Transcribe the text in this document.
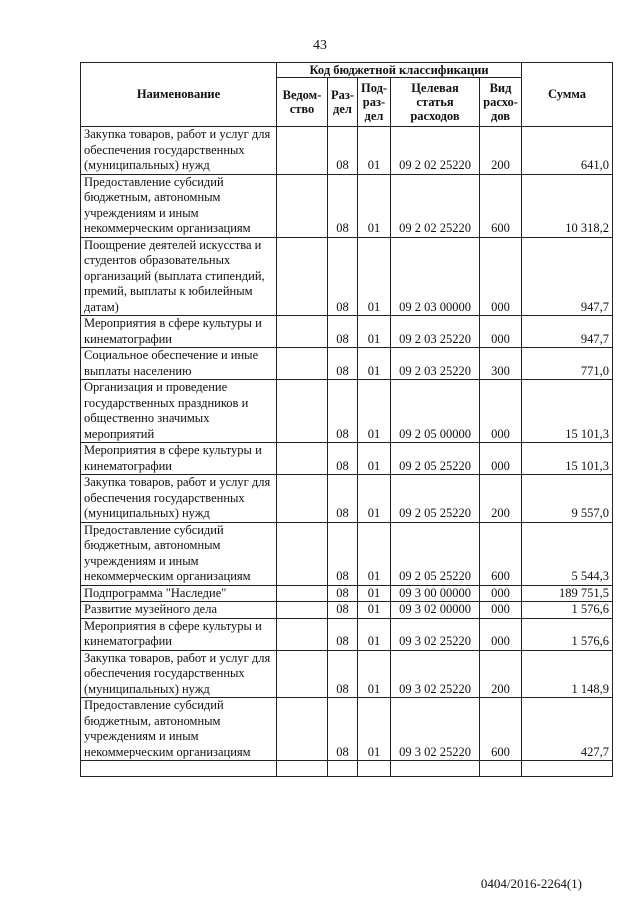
43
Наименование	Код бюджетной классификации					Сумма
	Ведом-ство	Раз-дел	Под-раз-дел	Целевая статья расходов	Вид расхо-дов	
Закупка товаров, работ и услуг для обеспечения государственных (муниципальных) нужд		08	01	09 2 02 25220	200	641,0
Предоставление субсидий бюджетным, автономным учреждениям и иным некоммерческим организациям		08	01	09 2 02 25220	600	10 318,2
Поощрение деятелей искусства и студентов образовательных организаций (выплата стипендий, премий, выплаты к юбилейным датам)		08	01	09 2 03 00000	000	947,7
Мероприятия в сфере культуры и кинематографии		08	01	09 2 03 25220	000	947,7
Социальное обеспечение и иные выплаты населению		08	01	09 2 03 25220	300	771,0
Организация и проведение государственных праздников и общественно значимых мероприятий		08	01	09 2 05 00000	000	15 101,3
Мероприятия в сфере культуры и кинематографии		08	01	09 2 05 25220	000	15 101,3
Закупка товаров, работ и услуг для обеспечения государственных (муниципальных) нужд		08	01	09 2 05 25220	200	9 557,0
Предоставление субсидий бюджетным, автономным учреждениям и иным некоммерческим организациям		08	01	09 2 05 25220	600	5 544,3
Подпрограмма "Наследие"		08	01	09 3 00 00000	000	189 751,5
Развитие музейного дела		08	01	09 3 02 00000	000	1 576,6
Мероприятия в сфере культуры и кинематографии		08	01	09 3 02 25220	000	1 576,6
Закупка товаров, работ и услуг для обеспечения государственных (муниципальных) нужд		08	01	09 3 02 25220	200	1 148,9
Предоставление субсидий бюджетным, автономным учреждениям и иным некоммерческим организациям		08	01	09 3 02 25220	600	427,7

0404/2016-2264(1)
